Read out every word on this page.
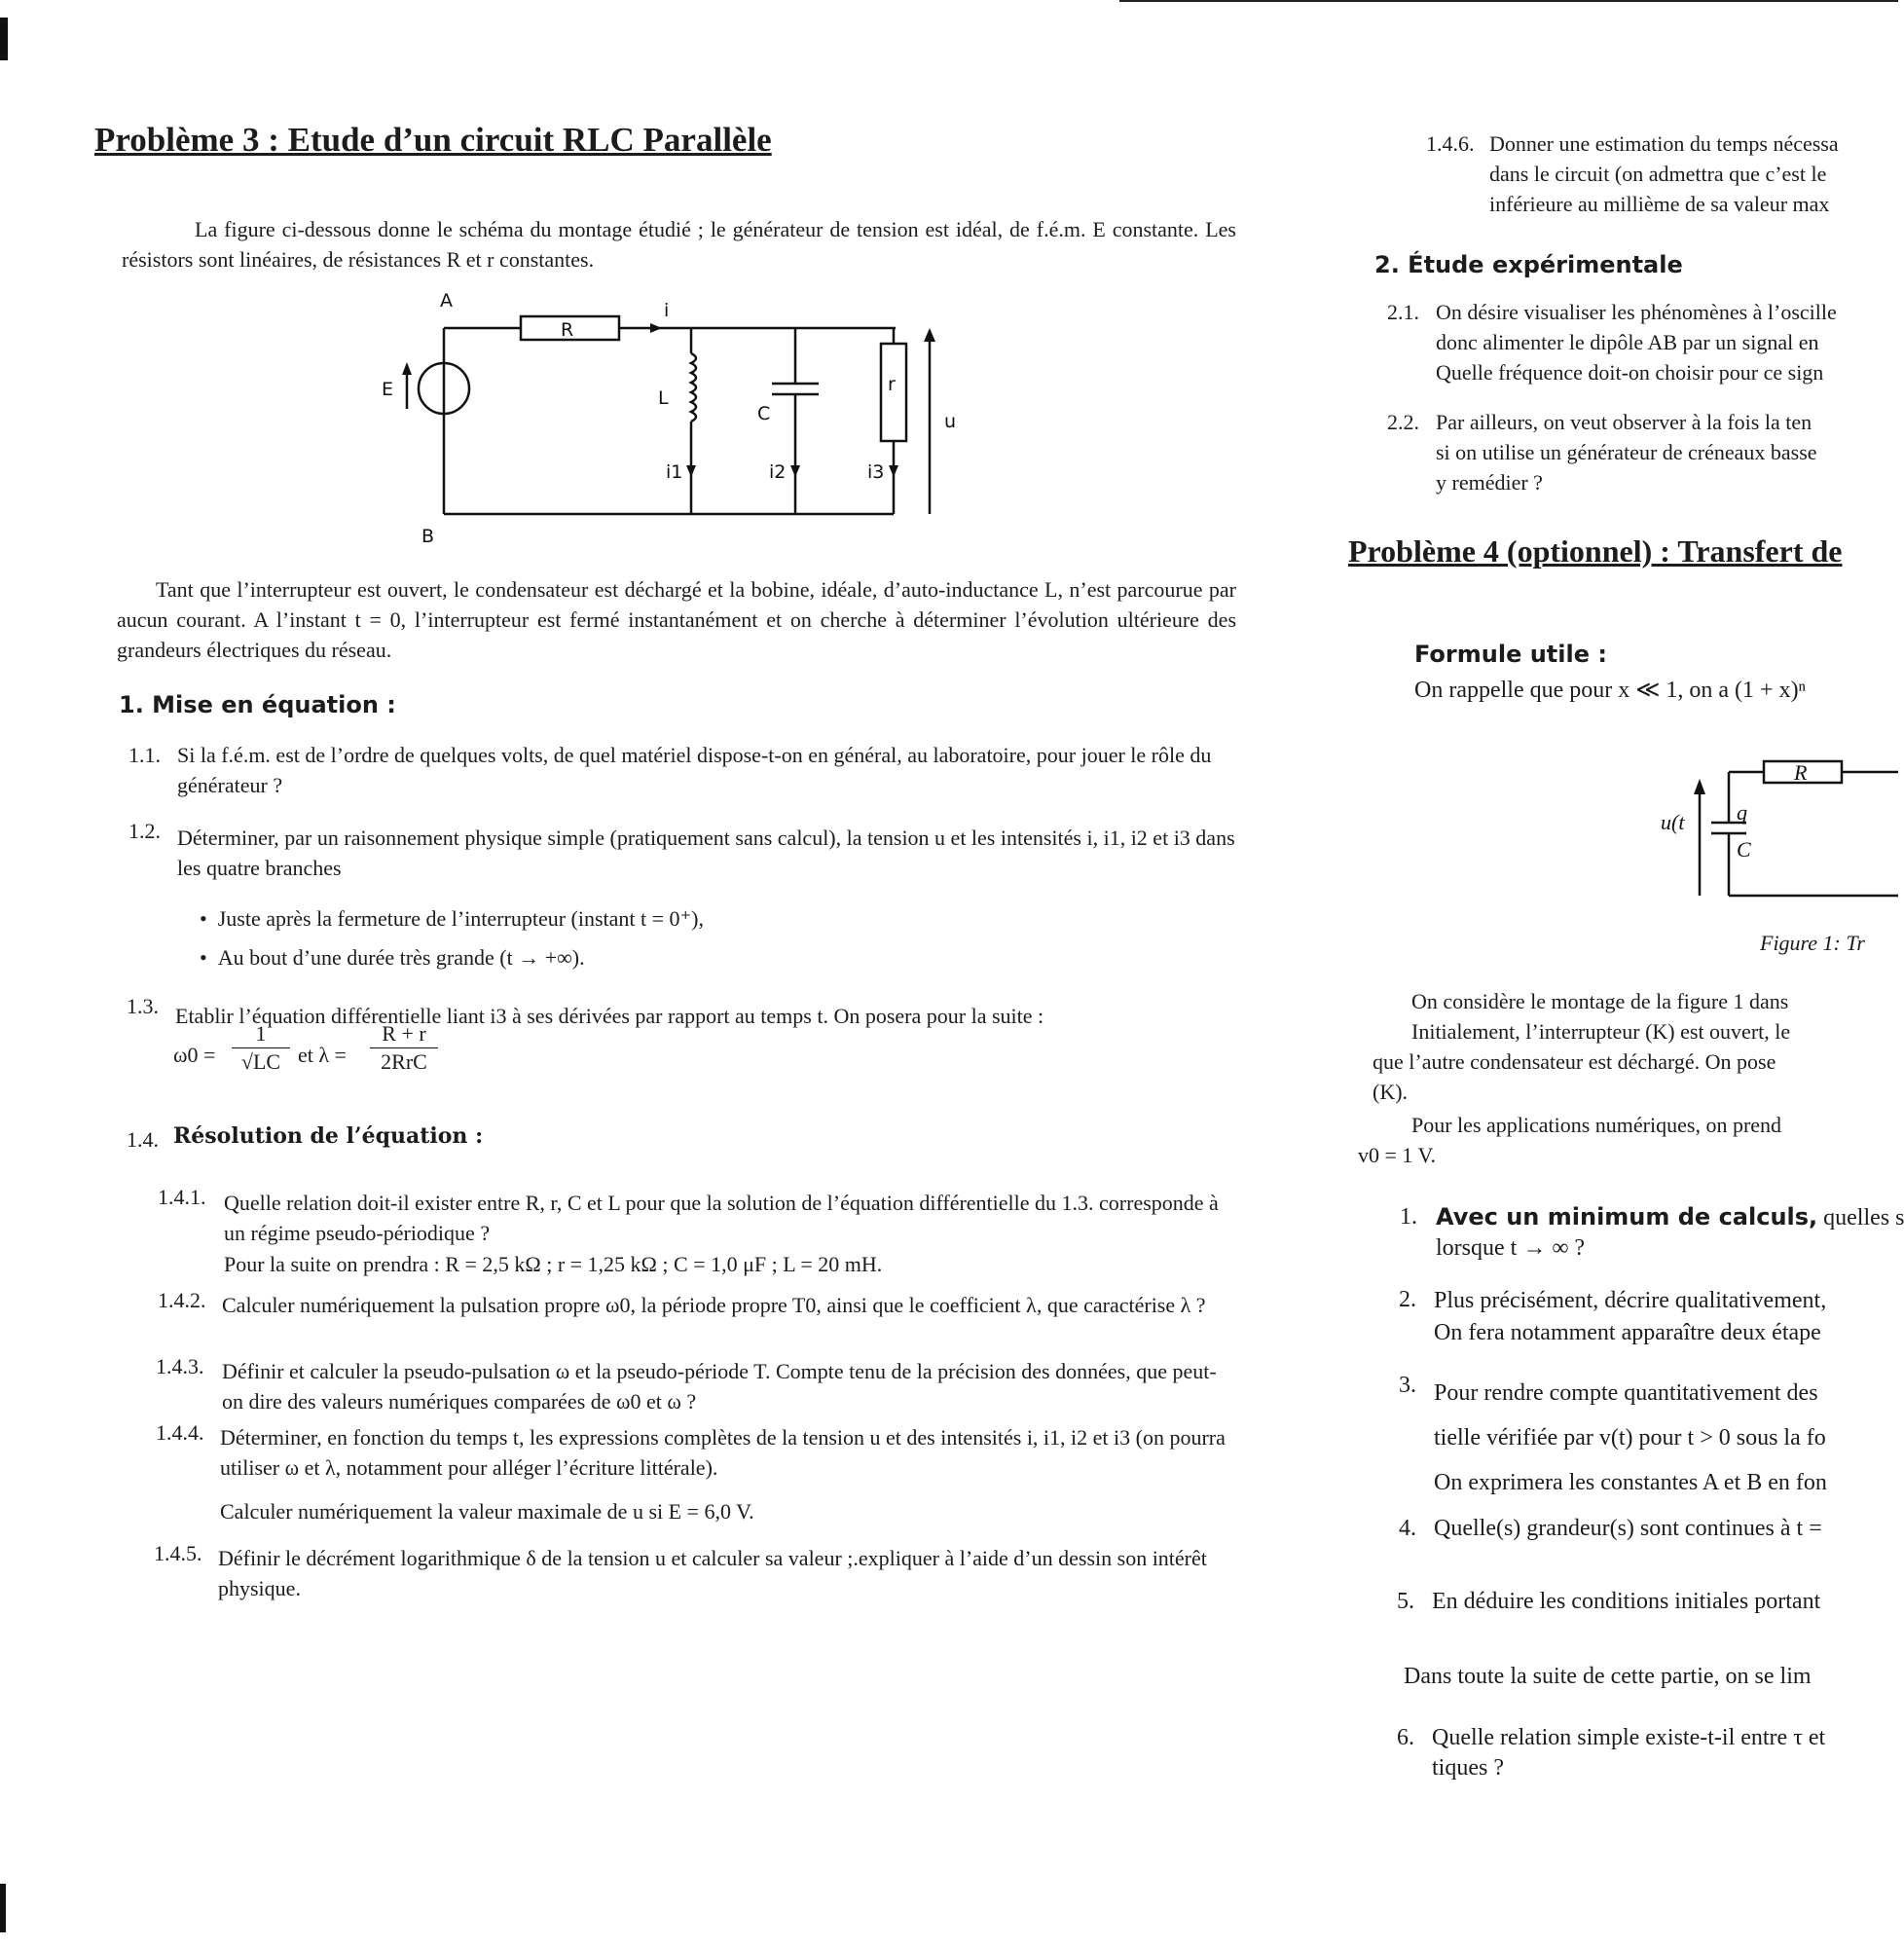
Problème 3 : Etude d’un circuit RLC Parallèle
La figure ci-dessous donne le schéma du montage étudié ; le générateur de tension est idéal, de f.é.m. E constante. Les résistors sont linéaires, de résistances R et r constantes.
A
B
R
i
E	L
C
r
u
i1	i2	i3
Tant que l’interrupteur est ouvert, le condensateur est déchargé et la bobine, idéale, d’auto-inductance L, n’est parcourue par aucun courant. A l’instant t = 0, l’interrupteur est fermé instantanément et on cherche à déterminer l’évolution ultérieure des grandeurs électriques du réseau.
1. Mise en équation :
1.1. Si la f.é.m. est de l’ordre de quelques volts, de quel matériel dispose-t-on en général, au laboratoire, pour jouer le rôle du générateur ?
1.2. Déterminer, par un raisonnement physique simple (pratiquement sans calcul), la tension u et les intensités i, i1, i2 et i3 dans les quatre branches
•  Juste après la fermeture de l’interrupteur (instant t = 0⁺),
•  Au bout d’une durée très grande (t → +∞).
1.3. Etablir l’équation différentielle liant i3 à ses dérivées par rapport au temps t. On posera pour la suite :
ω0 =
1
√LC et λ =
R + r
2RrC
1.4. Résolution de l’équation :
1.4.1. Quelle relation doit-il exister entre R, r, C et L pour que la solution de l’équation différentielle du 1.3. corresponde à un régime pseudo-périodique ?
Pour la suite on prendra : R = 2,5 kΩ ; r = 1,25 kΩ ; C = 1,0 μF ; L = 20 mH.
1.4.2. Calculer numériquement la pulsation propre ω0, la période propre T0, ainsi que le coefficient λ, que caractérise λ ?
1.4.3. Définir et calculer la pseudo-pulsation ω et la pseudo-période T. Compte tenu de la précision des données, que peut-on dire des valeurs numériques comparées de ω0 et ω ?
1.4.4. Déterminer, en fonction du temps t, les expressions complètes de la tension u et des intensités i, i1, i2 et i3 (on pourra utiliser ω et λ, notamment pour alléger l’écriture littérale).
Calculer numériquement la valeur maximale de u si E = 6,0 V.
1.4.5. Définir le décrément logarithmique δ de la tension u et calculer sa valeur ;.expliquer à l’aide d’un dessin son intérêt physique.
1.4.6. Donner une estimation du temps nécessa
dans le circuit (on admettra que c’est le
inférieure au millième de sa valeur max
2. Étude expérimentale
2.1. On désire visualiser les phénomènes à l’oscille
donc alimenter le dipôle AB par un signal en
Quelle fréquence doit-on choisir pour ce sign
2.2. Par ailleurs, on veut observer à la fois la ten
si on utilise un générateur de créneaux basse
y remédier ?
Problème 4 (optionnel) : Transfert de
Formule utile :
On rappelle que pour x ≪ 1, on a (1 + x)ⁿ
R
u(t q
C
Figure 1: Tr
On considère le montage de la figure 1 dans
Initialement, l’interrupteur (K) est ouvert, le
que l’autre condensateur est déchargé. On pose
(K).
Pour les applications numériques, on prend
v0 = 1 V.
1. Avec un minimum de calculs, quelles s
lorsque t → ∞ ?
2. Plus précisément, décrire qualitativement,
On fera notamment apparaître deux étape
3. Pour rendre compte quantitativement des
tielle vérifiée par v(t) pour t > 0 sous la fo
On exprimera les constantes A et B en fon
4. Quelle(s) grandeur(s) sont continues à t =
5. En déduire les conditions initiales portant
Dans toute la suite de cette partie, on se lim
6. Quelle relation simple existe-t-il entre τ et
tiques ?
